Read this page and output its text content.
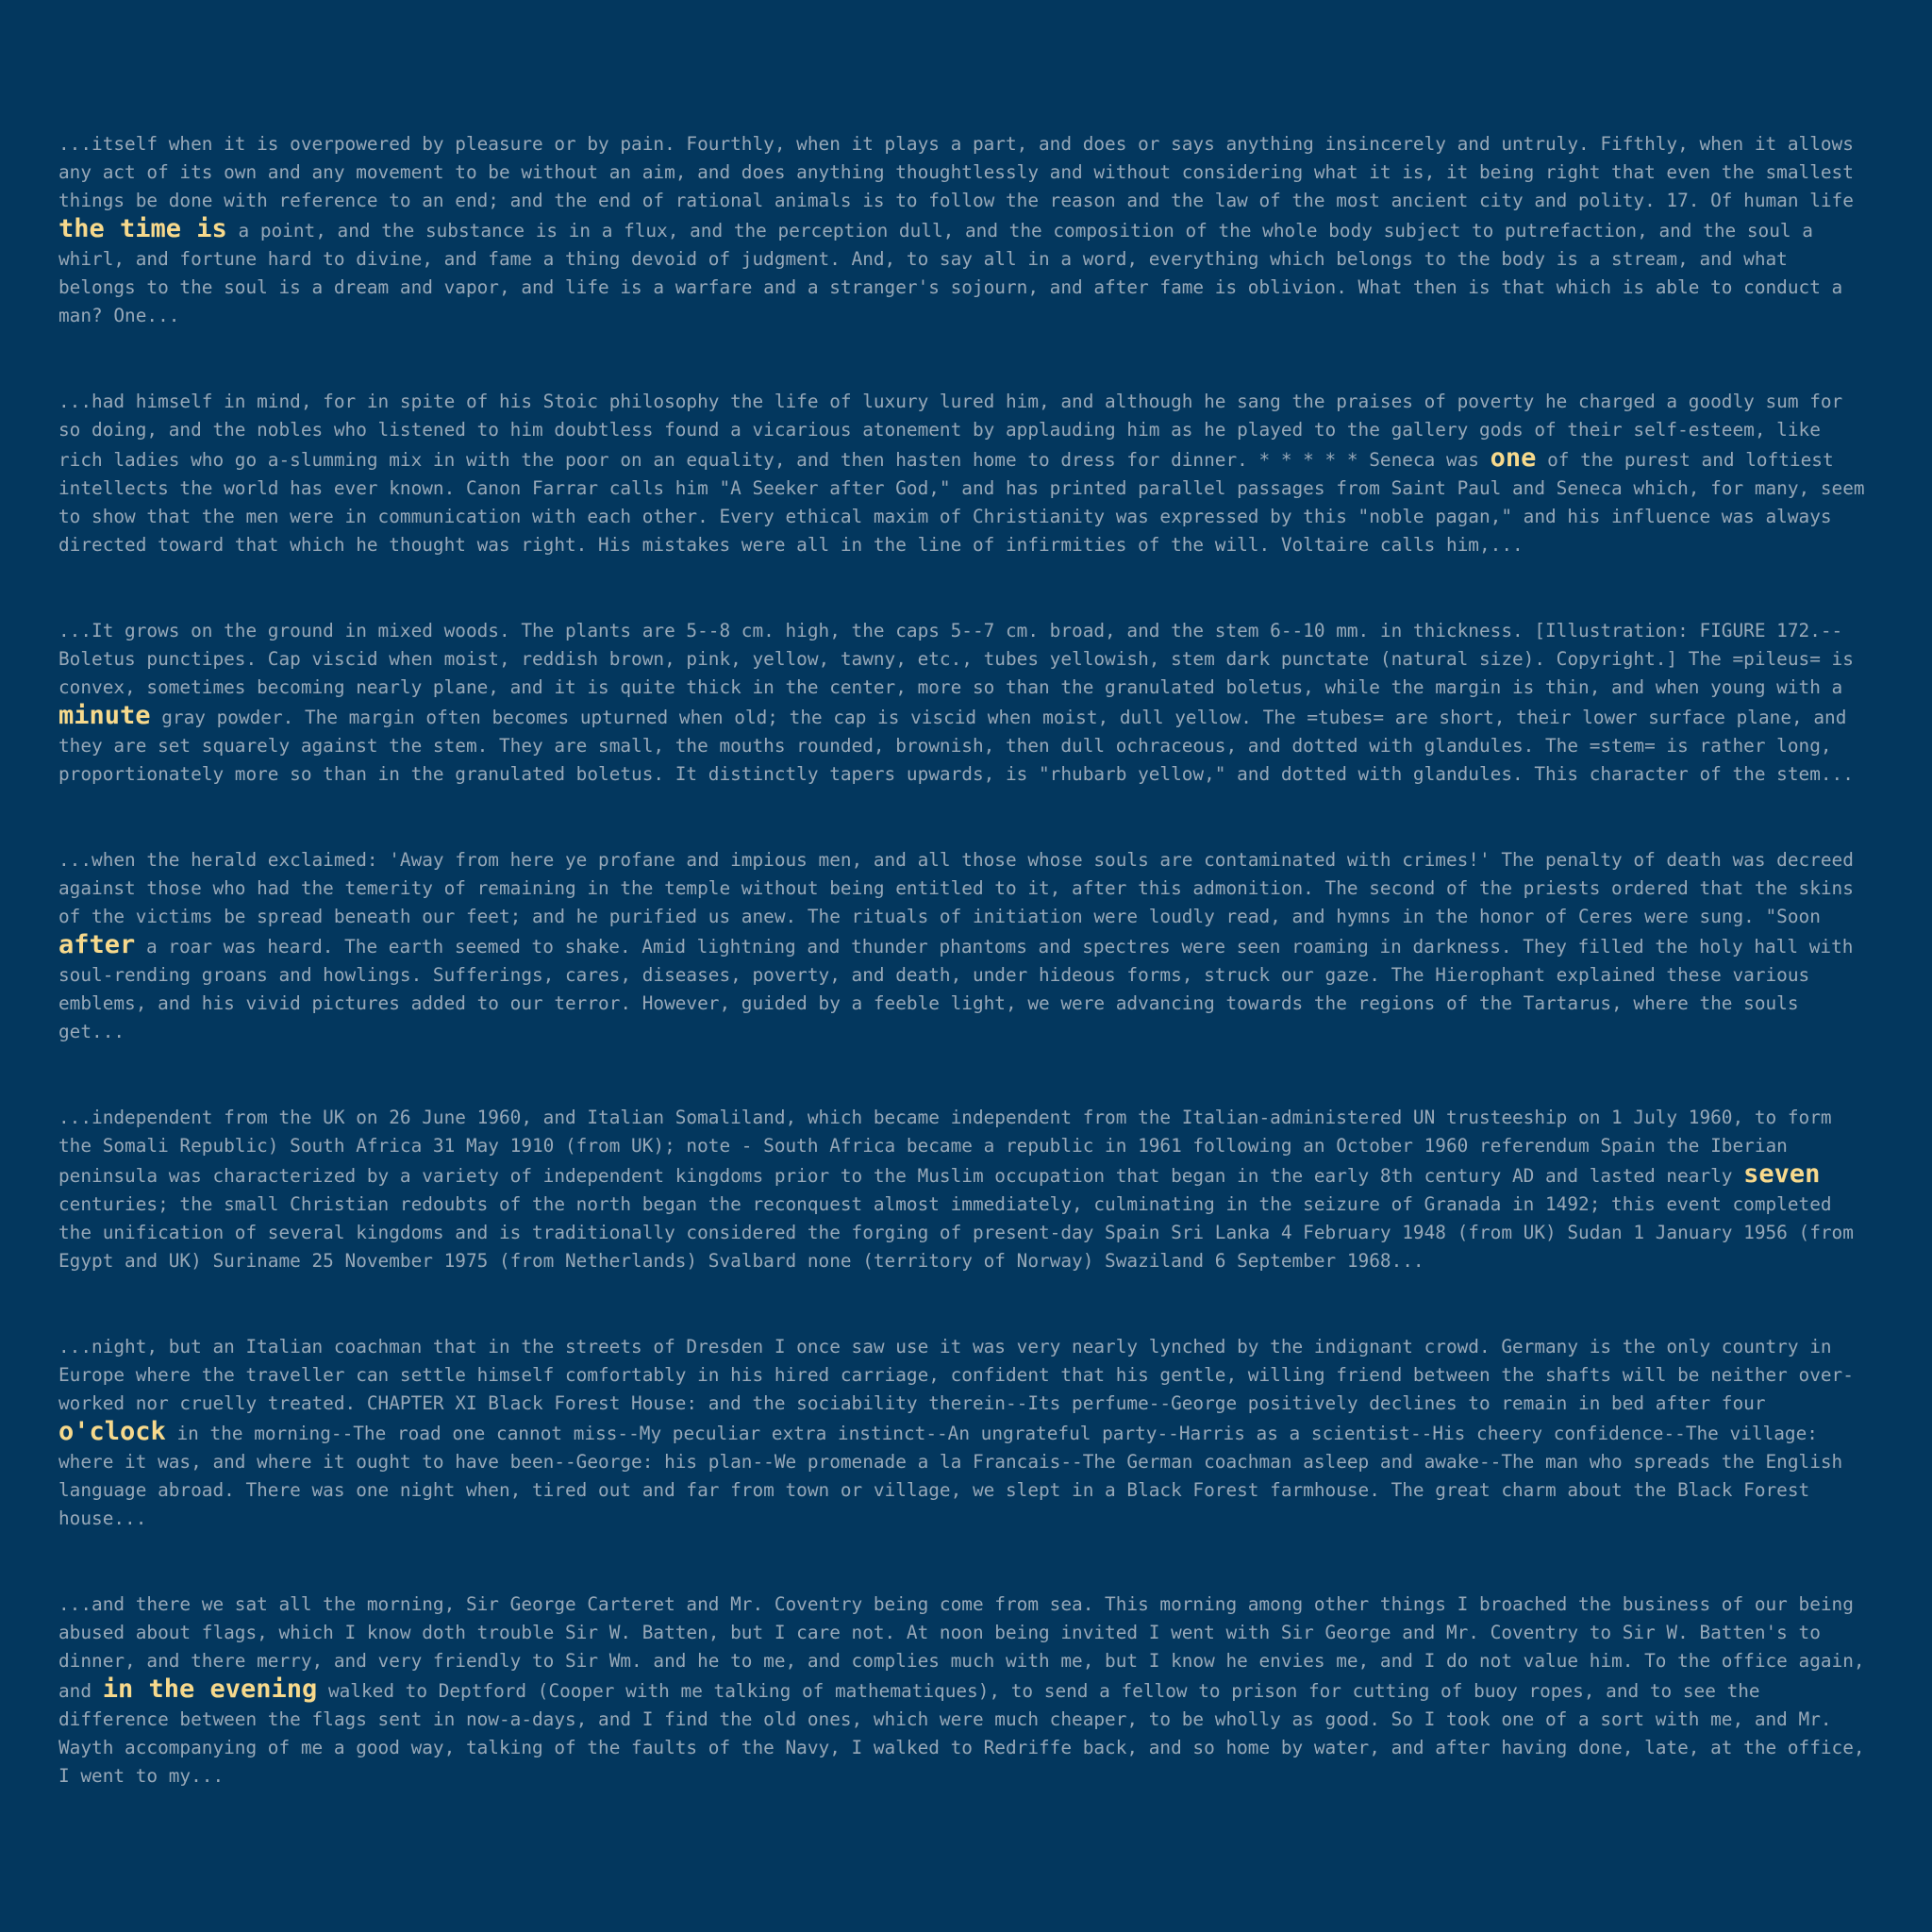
...itself when it is overpowered by pleasure or by pain. Fourthly, when it plays a part, and does or says anything insincerely and untruly. Fifthly, when it allows any act of its own and any movement to be without an aim, and does anything thoughtlessly and without considering what it is, it being right that even the smallest things be done with reference to an end; and the end of rational animals is to follow the reason and the law of the most ancient city and polity. 17. Of human life the time is a point, and the substance is in a flux, and the perception dull, and the composition of the whole body subject to putrefaction, and the soul a whirl, and fortune hard to divine, and fame a thing devoid of judgment. And, to say all in a word, everything which belongs to the body is a stream, and what belongs to the soul is a dream and vapor, and life is a warfare and a stranger's sojourn, and after fame is oblivion. What then is that which is able to conduct a man? One...

...had himself in mind, for in spite of his Stoic philosophy the life of luxury lured him, and although he sang the praises of poverty he charged a goodly sum for so doing, and the nobles who listened to him doubtless found a vicarious atonement by applauding him as he played to the gallery gods of their self-esteem, like rich ladies who go a-slumming mix in with the poor on an equality, and then hasten home to dress for dinner. * * * * * Seneca was one of the purest and loftiest intellects the world has ever known. Canon Farrar calls him "A Seeker after God," and has printed parallel passages from Saint Paul and Seneca which, for many, seem to show that the men were in communication with each other. Every ethical maxim of Christianity was expressed by this "noble pagan," and his influence was always directed toward that which he thought was right. His mistakes were all in the line of infirmities of the will. Voltaire calls him,...

...It grows on the ground in mixed woods. The plants are 5--8 cm. high, the caps 5--7 cm. broad, and the stem 6--10 mm. in thickness. [Illustration: FIGURE 172.--Boletus punctipes. Cap viscid when moist, reddish brown, pink, yellow, tawny, etc., tubes yellowish, stem dark punctate (natural size). Copyright.] The =pileus= is convex, sometimes becoming nearly plane, and it is quite thick in the center, more so than the granulated boletus, while the margin is thin, and when young with a minute gray powder. The margin often becomes upturned when old; the cap is viscid when moist, dull yellow. The =tubes= are short, their lower surface plane, and they are set squarely against the stem. They are small, the mouths rounded, brownish, then dull ochraceous, and dotted with glandules. The =stem= is rather long, proportionately more so than in the granulated boletus. It distinctly tapers upwards, is "rhubarb yellow," and dotted with glandules. This character of the stem...

...when the herald exclaimed: 'Away from here ye profane and impious men, and all those whose souls are contaminated with crimes!' The penalty of death was decreed against those who had the temerity of remaining in the temple without being entitled to it, after this admonition. The second of the priests ordered that the skins of the victims be spread beneath our feet; and he purified us anew. The rituals of initiation were loudly read, and hymns in the honor of Ceres were sung. "Soon after a roar was heard. The earth seemed to shake. Amid lightning and thunder phantoms and spectres were seen roaming in darkness. They filled the holy hall with soul-rending groans and howlings. Sufferings, cares, diseases, poverty, and death, under hideous forms, struck our gaze. The Hierophant explained these various emblems, and his vivid pictures added to our terror. However, guided by a feeble light, we were advancing towards the regions of the Tartarus, where the souls get...

...independent from the UK on 26 June 1960, and Italian Somaliland, which became independent from the Italian-administered UN trusteeship on 1 July 1960, to form the Somali Republic) South Africa 31 May 1910 (from UK); note - South Africa became a republic in 1961 following an October 1960 referendum Spain the Iberian peninsula was characterized by a variety of independent kingdoms prior to the Muslim occupation that began in the early 8th century AD and lasted nearly seven centuries; the small Christian redoubts of the north began the reconquest almost immediately, culminating in the seizure of Granada in 1492; this event completed the unification of several kingdoms and is traditionally considered the forging of present-day Spain Sri Lanka 4 February 1948 (from UK) Sudan 1 January 1956 (from Egypt and UK) Suriname 25 November 1975 (from Netherlands) Svalbard none (territory of Norway) Swaziland 6 September 1968...

...night, but an Italian coachman that in the streets of Dresden I once saw use it was very nearly lynched by the indignant crowd. Germany is the only country in Europe where the traveller can settle himself comfortably in his hired carriage, confident that his gentle, willing friend between the shafts will be neither over-worked nor cruelly treated. CHAPTER XI Black Forest House: and the sociability therein--Its perfume--George positively declines to remain in bed after four o'clock in the morning--The road one cannot miss--My peculiar extra instinct--An ungrateful party--Harris as a scientist--His cheery confidence--The village: where it was, and where it ought to have been--George: his plan--We promenade a la Francais--The German coachman asleep and awake--The man who spreads the English language abroad. There was one night when, tired out and far from town or village, we slept in a Black Forest farmhouse. The great charm about the Black Forest house...

...and there we sat all the morning, Sir George Carteret and Mr. Coventry being come from sea. This morning among other things I broached the business of our being abused about flags, which I know doth trouble Sir W. Batten, but I care not. At noon being invited I went with Sir George and Mr. Coventry to Sir W. Batten's to dinner, and there merry, and very friendly to Sir Wm. and he to me, and complies much with me, but I know he envies me, and I do not value him. To the office again, and in the evening walked to Deptford (Cooper with me talking of mathematiques), to send a fellow to prison for cutting of buoy ropes, and to see the difference between the flags sent in now-a-days, and I find the old ones, which were much cheaper, to be wholly as good. So I took one of a sort with me, and Mr. Wayth accompanying of me a good way, talking of the faults of the Navy, I walked to Redriffe back, and so home by water, and after having done, late, at the office, I went to my...
